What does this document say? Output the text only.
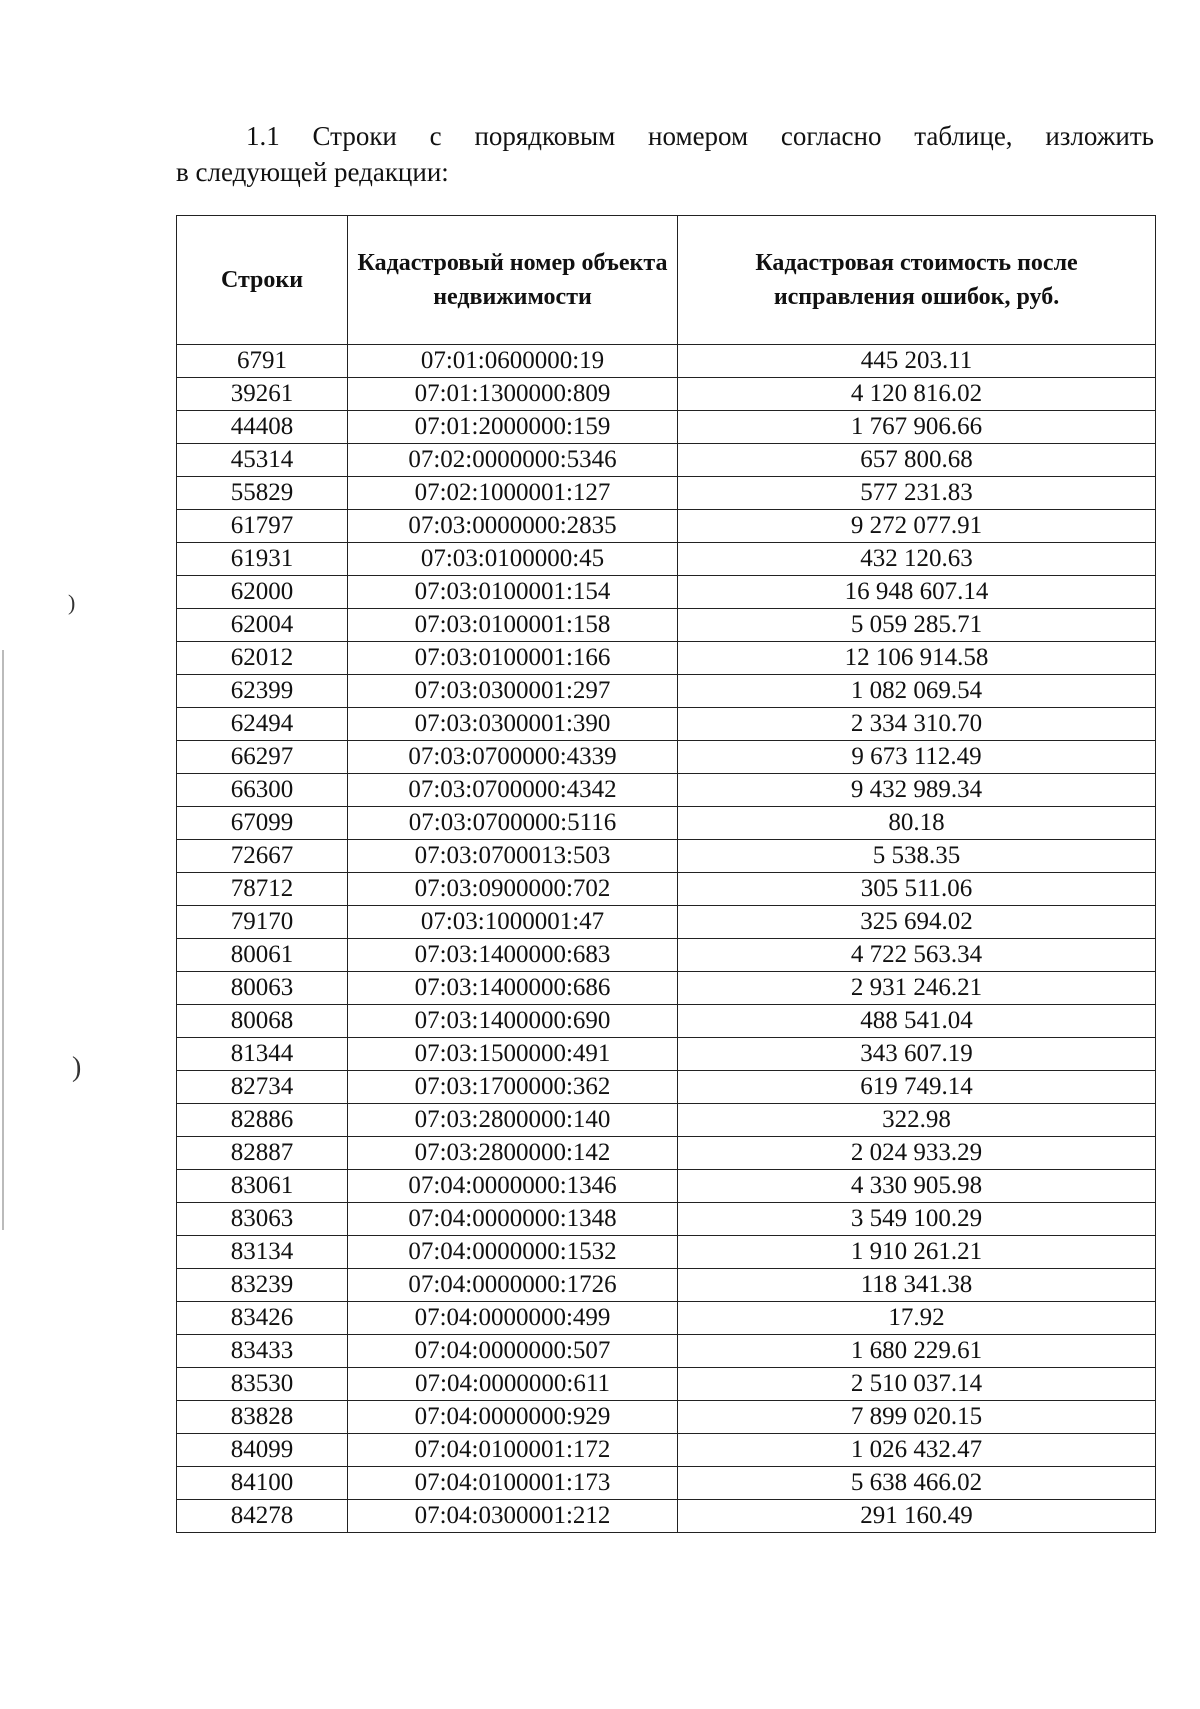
1.1 Строки с порядковым номером согласно таблице, изложить
в следующей редакции:
Строки	Кадастровый номер объекта недвижимости	Кадастровая стоимость после исправления ошибок, руб.
6791	07:01:0600000:19	445 203.11
39261	07:01:1300000:809	4 120 816.02
44408	07:01:2000000:159	1 767 906.66
45314	07:02:0000000:5346	657 800.68
55829	07:02:1000001:127	577 231.83
61797	07:03:0000000:2835	9 272 077.91
61931	07:03:0100000:45	432 120.63
62000	07:03:0100001:154	16 948 607.14
62004	07:03:0100001:158	5 059 285.71
62012	07:03:0100001:166	12 106 914.58
62399	07:03:0300001:297	1 082 069.54
62494	07:03:0300001:390	2 334 310.70
66297	07:03:0700000:4339	9 673 112.49
66300	07:03:0700000:4342	9 432 989.34
67099	07:03:0700000:5116	80.18
72667	07:03:0700013:503	5 538.35
78712	07:03:0900000:702	305 511.06
79170	07:03:1000001:47	325 694.02
80061	07:03:1400000:683	4 722 563.34
80063	07:03:1400000:686	2 931 246.21
80068	07:03:1400000:690	488 541.04
81344	07:03:1500000:491	343 607.19
82734	07:03:1700000:362	619 749.14
82886	07:03:2800000:140	322.98
82887	07:03:2800000:142	2 024 933.29
83061	07:04:0000000:1346	4 330 905.98
83063	07:04:0000000:1348	3 549 100.29
83134	07:04:0000000:1532	1 910 261.21
83239	07:04:0000000:1726	118 341.38
83426	07:04:0000000:499	17.92
83433	07:04:0000000:507	1 680 229.61
83530	07:04:0000000:611	2 510 037.14
83828	07:04:0000000:929	7 899 020.15
84099	07:04:0100001:172	1 026 432.47
84100	07:04:0100001:173	5 638 466.02
84278	07:04:0300001:212	291 160.49
)
)
